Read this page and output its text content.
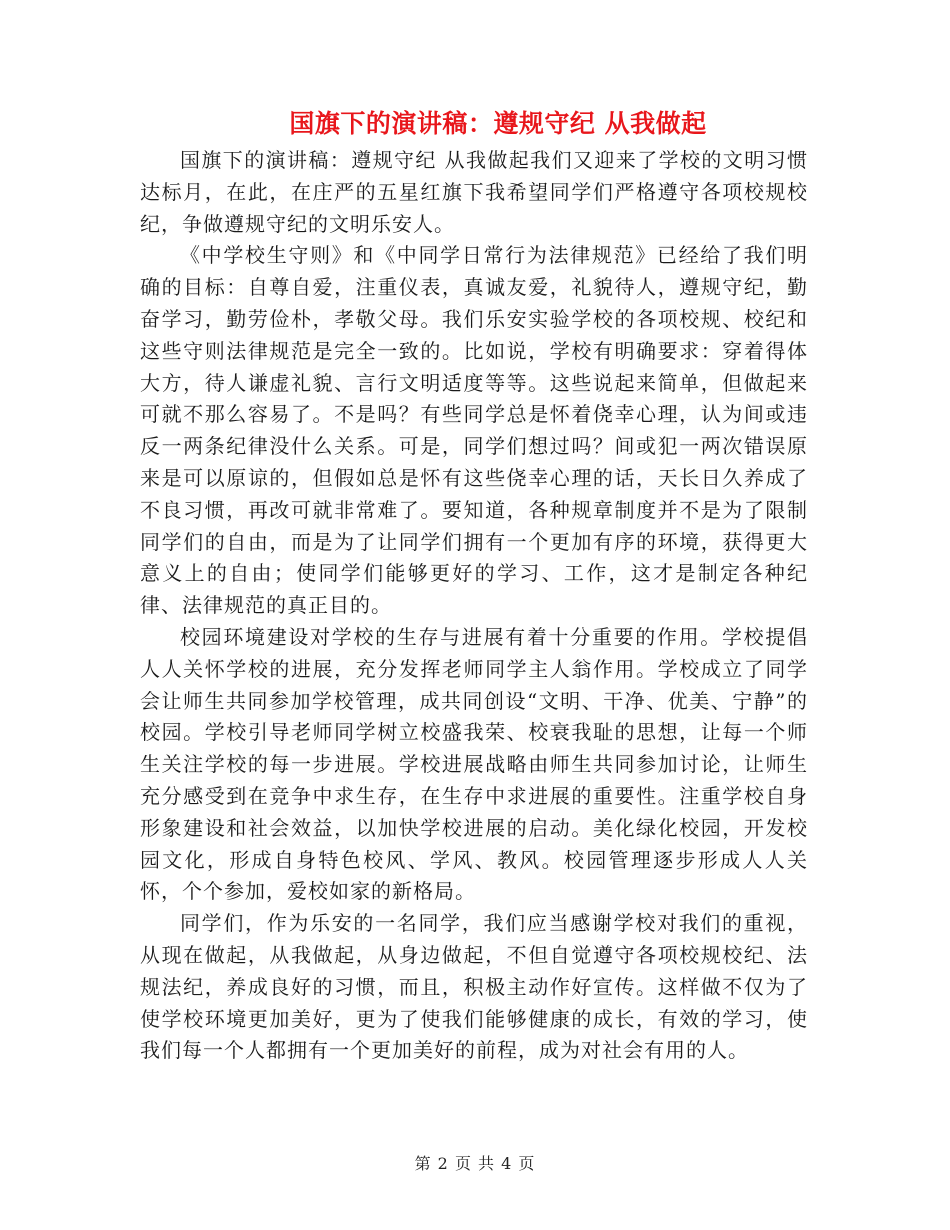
国旗下的演讲稿：遵规守纪 从我做起

国旗下的演讲稿：遵规守纪 从我做起我们又迎来了学校的文明习惯达标月，在此，在庄严的五星红旗下我希望同学们严格遵守各项校规校纪，争做遵规守纪的文明乐安人。

《中学校生守则》和《中同学日常行为法律规范》已经给了我们明确的目标：自尊自爱，注重仪表，真诚友爱，礼貌待人，遵规守纪，勤奋学习，勤劳俭朴，孝敬父母。我们乐安实验学校的各项校规、校纪和这些守则法律规范是完全一致的。比如说，学校有明确要求：穿着得体大方，待人谦虚礼貌、言行文明适度等等。这些说起来简单，但做起来可就不那么容易了。不是吗？有些同学总是怀着侥幸心理，认为间或违反一两条纪律没什么关系。可是，同学们想过吗？间或犯一两次错误原来是可以原谅的，但假如总是怀有这些侥幸心理的话，天长日久养成了不良习惯，再改可就非常难了。要知道，各种规章制度并不是为了限制同学们的自由，而是为了让同学们拥有一个更加有序的环境，获得更大意义上的自由；使同学们能够更好的学习、工作，这才是制定各种纪律、法律规范的真正目的。

校园环境建设对学校的生存与进展有着十分重要的作用。学校提倡人人关怀学校的进展，充分发挥老师同学主人翁作用。学校成立了同学会让师生共同参加学校管理，成共同创设“文明、干净、优美、宁静”的校园。学校引导老师同学树立校盛我荣、校衰我耻的思想，让每一个师生关注学校的每一步进展。学校进展战略由师生共同参加讨论，让师生充分感受到在竞争中求生存，在生存中求进展的重要性。注重学校自身形象建设和社会效益，以加快学校进展的启动。美化绿化校园，开发校园文化，形成自身特色校风、学风、教风。校园管理逐步形成人人关怀，个个参加，爱校如家的新格局。

同学们，作为乐安的一名同学，我们应当感谢学校对我们的重视，从现在做起，从我做起，从身边做起，不但自觉遵守各项校规校纪、法规法纪，养成良好的习惯，而且，积极主动作好宣传。这样做不仅为了使学校环境更加美好，更为了使我们能够健康的成长，有效的学习，使我们每一个人都拥有一个更加美好的前程，成为对社会有用的人。

第 2 页 共 4 页
